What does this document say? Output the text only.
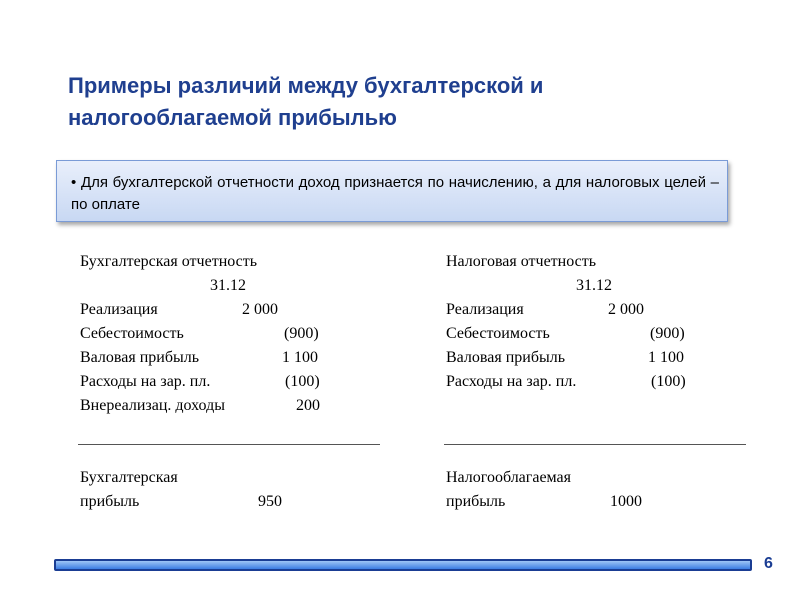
Примеры различий между бухгалтерской и налогооблагаемой прибылью
• Для бухгалтерской отчетности доход признается по начислению, а для налоговых целей – по оплате
Бухгалтерская отчетность
31.12
Реализация	2 000
Себестоимость	(900)
Валовая прибыль	1 100
Расходы на зар. пл.	(100)
Внереализац. доходы	200
Налоговая отчетность
31.12
Реализация	2 000
Себестоимость	(900)
Валовая прибыль	1 100
Расходы на зар. пл.	(100)
Бухгалтерская
прибыль	950
Налогооблагаемая
прибыль	1000
6
